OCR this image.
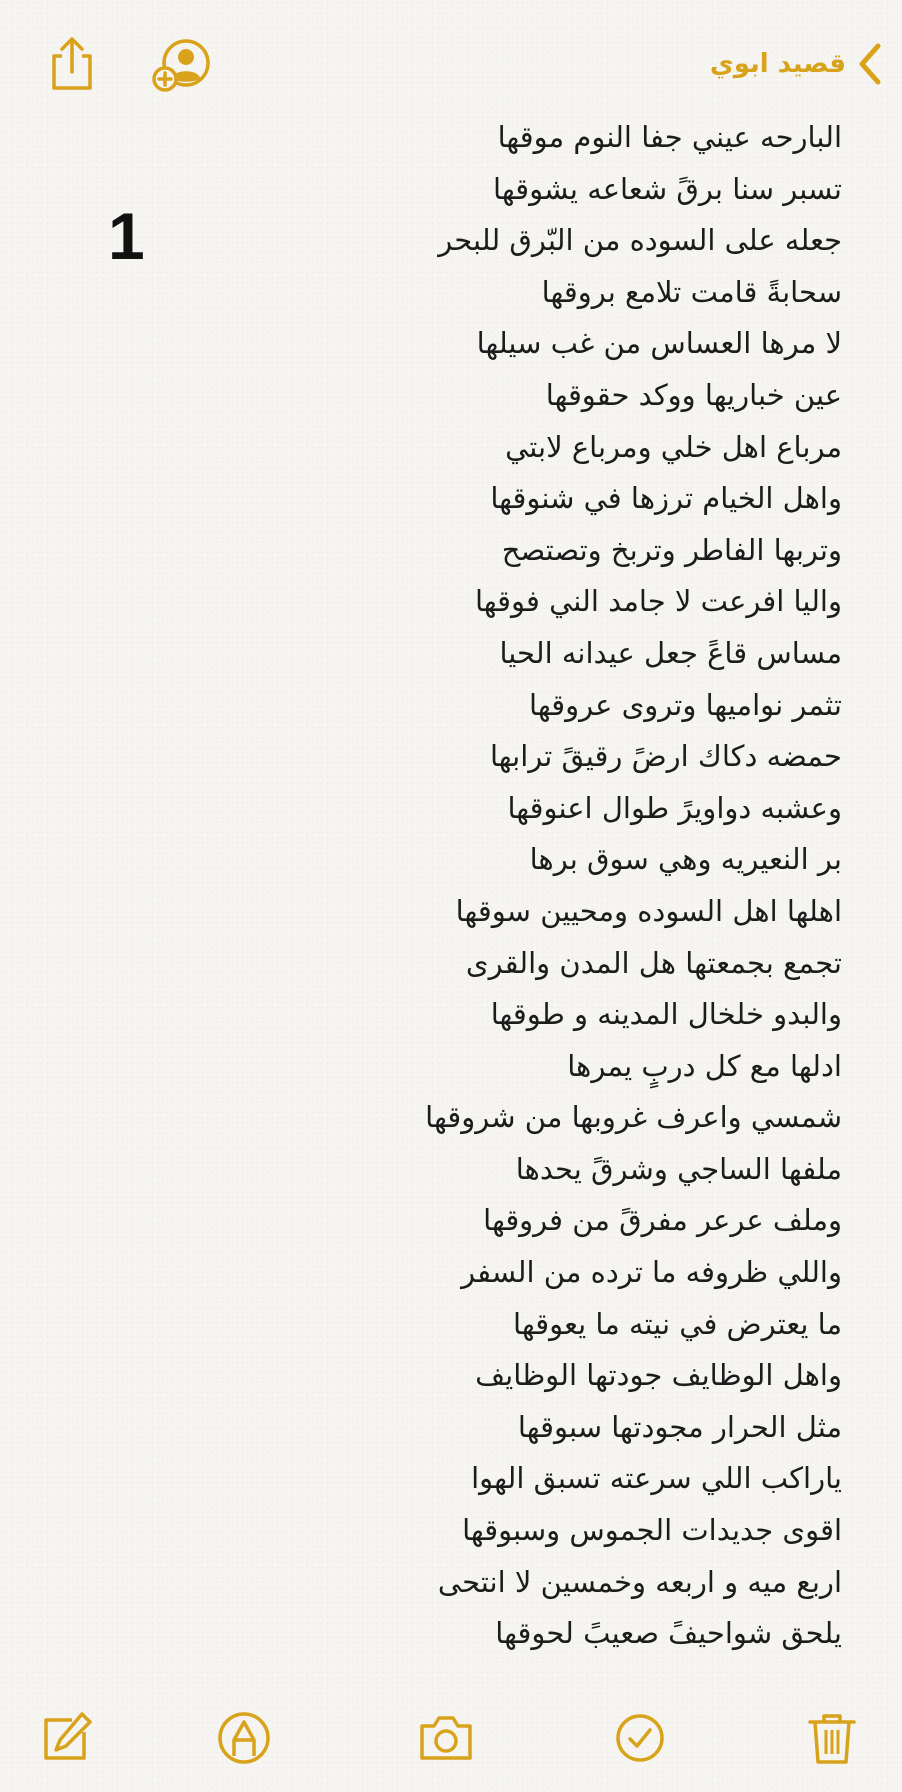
قصيد ابوي
1
البارحه عيني جفا النوم موقها
تسبر سنا برقً شعاعه يشوقها
جعله على السوده من البّرق للبحر
سحابةً قامت تلامع بروقها
لا مرها العساس من غب سيلها
عين خباريها ووكد حقوقها
مرباع اهل خلي ومرباع لابتي
واهل الخيام ترزها في شنوقها
وتربها الفاطر وتربخ وتصتصح
واليا افرعت لا جامد الني فوقها
مساس قاعً جعل عيدانه الحيا
تثمر نواميها وتروى عروقها
حمضه دكاك ارضً رقيقً ترابها
وعشبه دواويرً طوال اعنوقها
بر النعيريه وهي سوق برها
اهلها اهل السوده ومحيين سوقها
تجمع بجمعتها هل المدن والقرى
والبدو خلخال المدينه و طوقها
ادلها مع كل دربٍ يمرها
شمسي واعرف غروبها من شروقها
ملفها الساجي وشرقً يحدها
وملف عرعر مفرقً من فروقها
واللي ظروفه ما ترده من السفر
ما يعترض في نيته ما يعوقها
واهل الوظايف جودتها الوظايف
مثل الحرار مجودتها سبوقها
ياراكب اللي سرعته تسبق الهوا
اقوى جديدات الجموس وسبوقها
اربع ميه و اربعه وخمسين لا انتحى
يلحق شواحيفً صعيبً لحوقها
